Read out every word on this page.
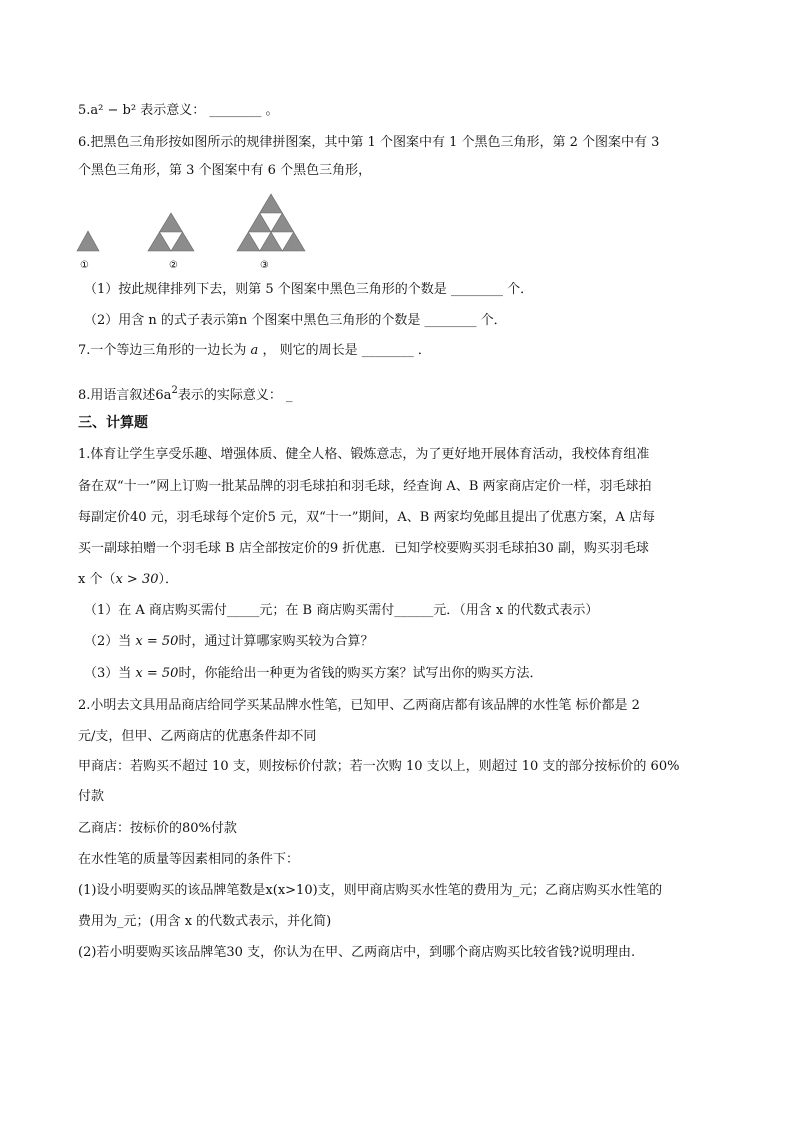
5.a² − b² 表示意义： ________ 。
6.把黑色三角形按如图所示的规律拼图案，其中第 1 个图案中有 1 个黑色三角形，第 2 个图案中有 3
个黑色三角形，第 3 个图案中有 6 个黑色三角形，
①	②	③
（1）按此规律排列下去，则第 5 个图案中黑色三角形的个数是 ________ 个．
（2）用含 n 的式子表示第n 个图案中黑色三角形的个数是 ________ 个．
7.一个等边三角形的一边长为 a ， 则它的周长是 ________ ．
8.用语言叙述$6a^2$表示的实际意义： _
三、计算题
1.体育让学生享受乐趣、增强体质、健全人格、锻炼意志，为了更好地开展体育活动，我校体育组准
备在双“十一”网上订购一批某品牌的羽毛球拍和羽毛球，经查询 A、B 两家商店定价一样，羽毛球拍
每副定价40 元，羽毛球每个定价5 元，双“十一”期间，A、B 两家均免邮且提出了优惠方案，A 店每
买一副球拍赠一个羽毛球 B 店全部按定价的9 折优惠．已知学校要购买羽毛球拍30 副，购买羽毛球
x 个（x > 30）．
（1）在 A 商店购买需付_____元；在 B 商店购买需付______元．（用含 x 的代数式表示）
（2）当 x = 50时，通过计算哪家购买较为合算？
（3）当 x = 50时，你能给出一种更为省钱的购买方案？试写出你的购买方法．
2.小明去文具用品商店给同学买某品牌水性笔，已知甲、乙两商店都有该品牌的水性笔 标价都是 2
元/支，但甲、乙两商店的优惠条件却不同
甲商店：若购买不超过 10 支，则按标价付款；若一次购 10 支以上，则超过 10 支的部分按标价的 60%
付款
乙商店：按标价的80%付款
在水性笔的质量等因素相同的条件下：
(1)设小明要购买的该品牌笔数是x(x>10)支，则甲商店购买水性笔的费用为_元；乙商店购买水性笔的
费用为_元；(用含 x 的代数式表示，并化简)
(2)若小明要购买该品牌笔30 支，你认为在甲、乙两商店中，到哪个商店购买比较省钱?说明理由.
